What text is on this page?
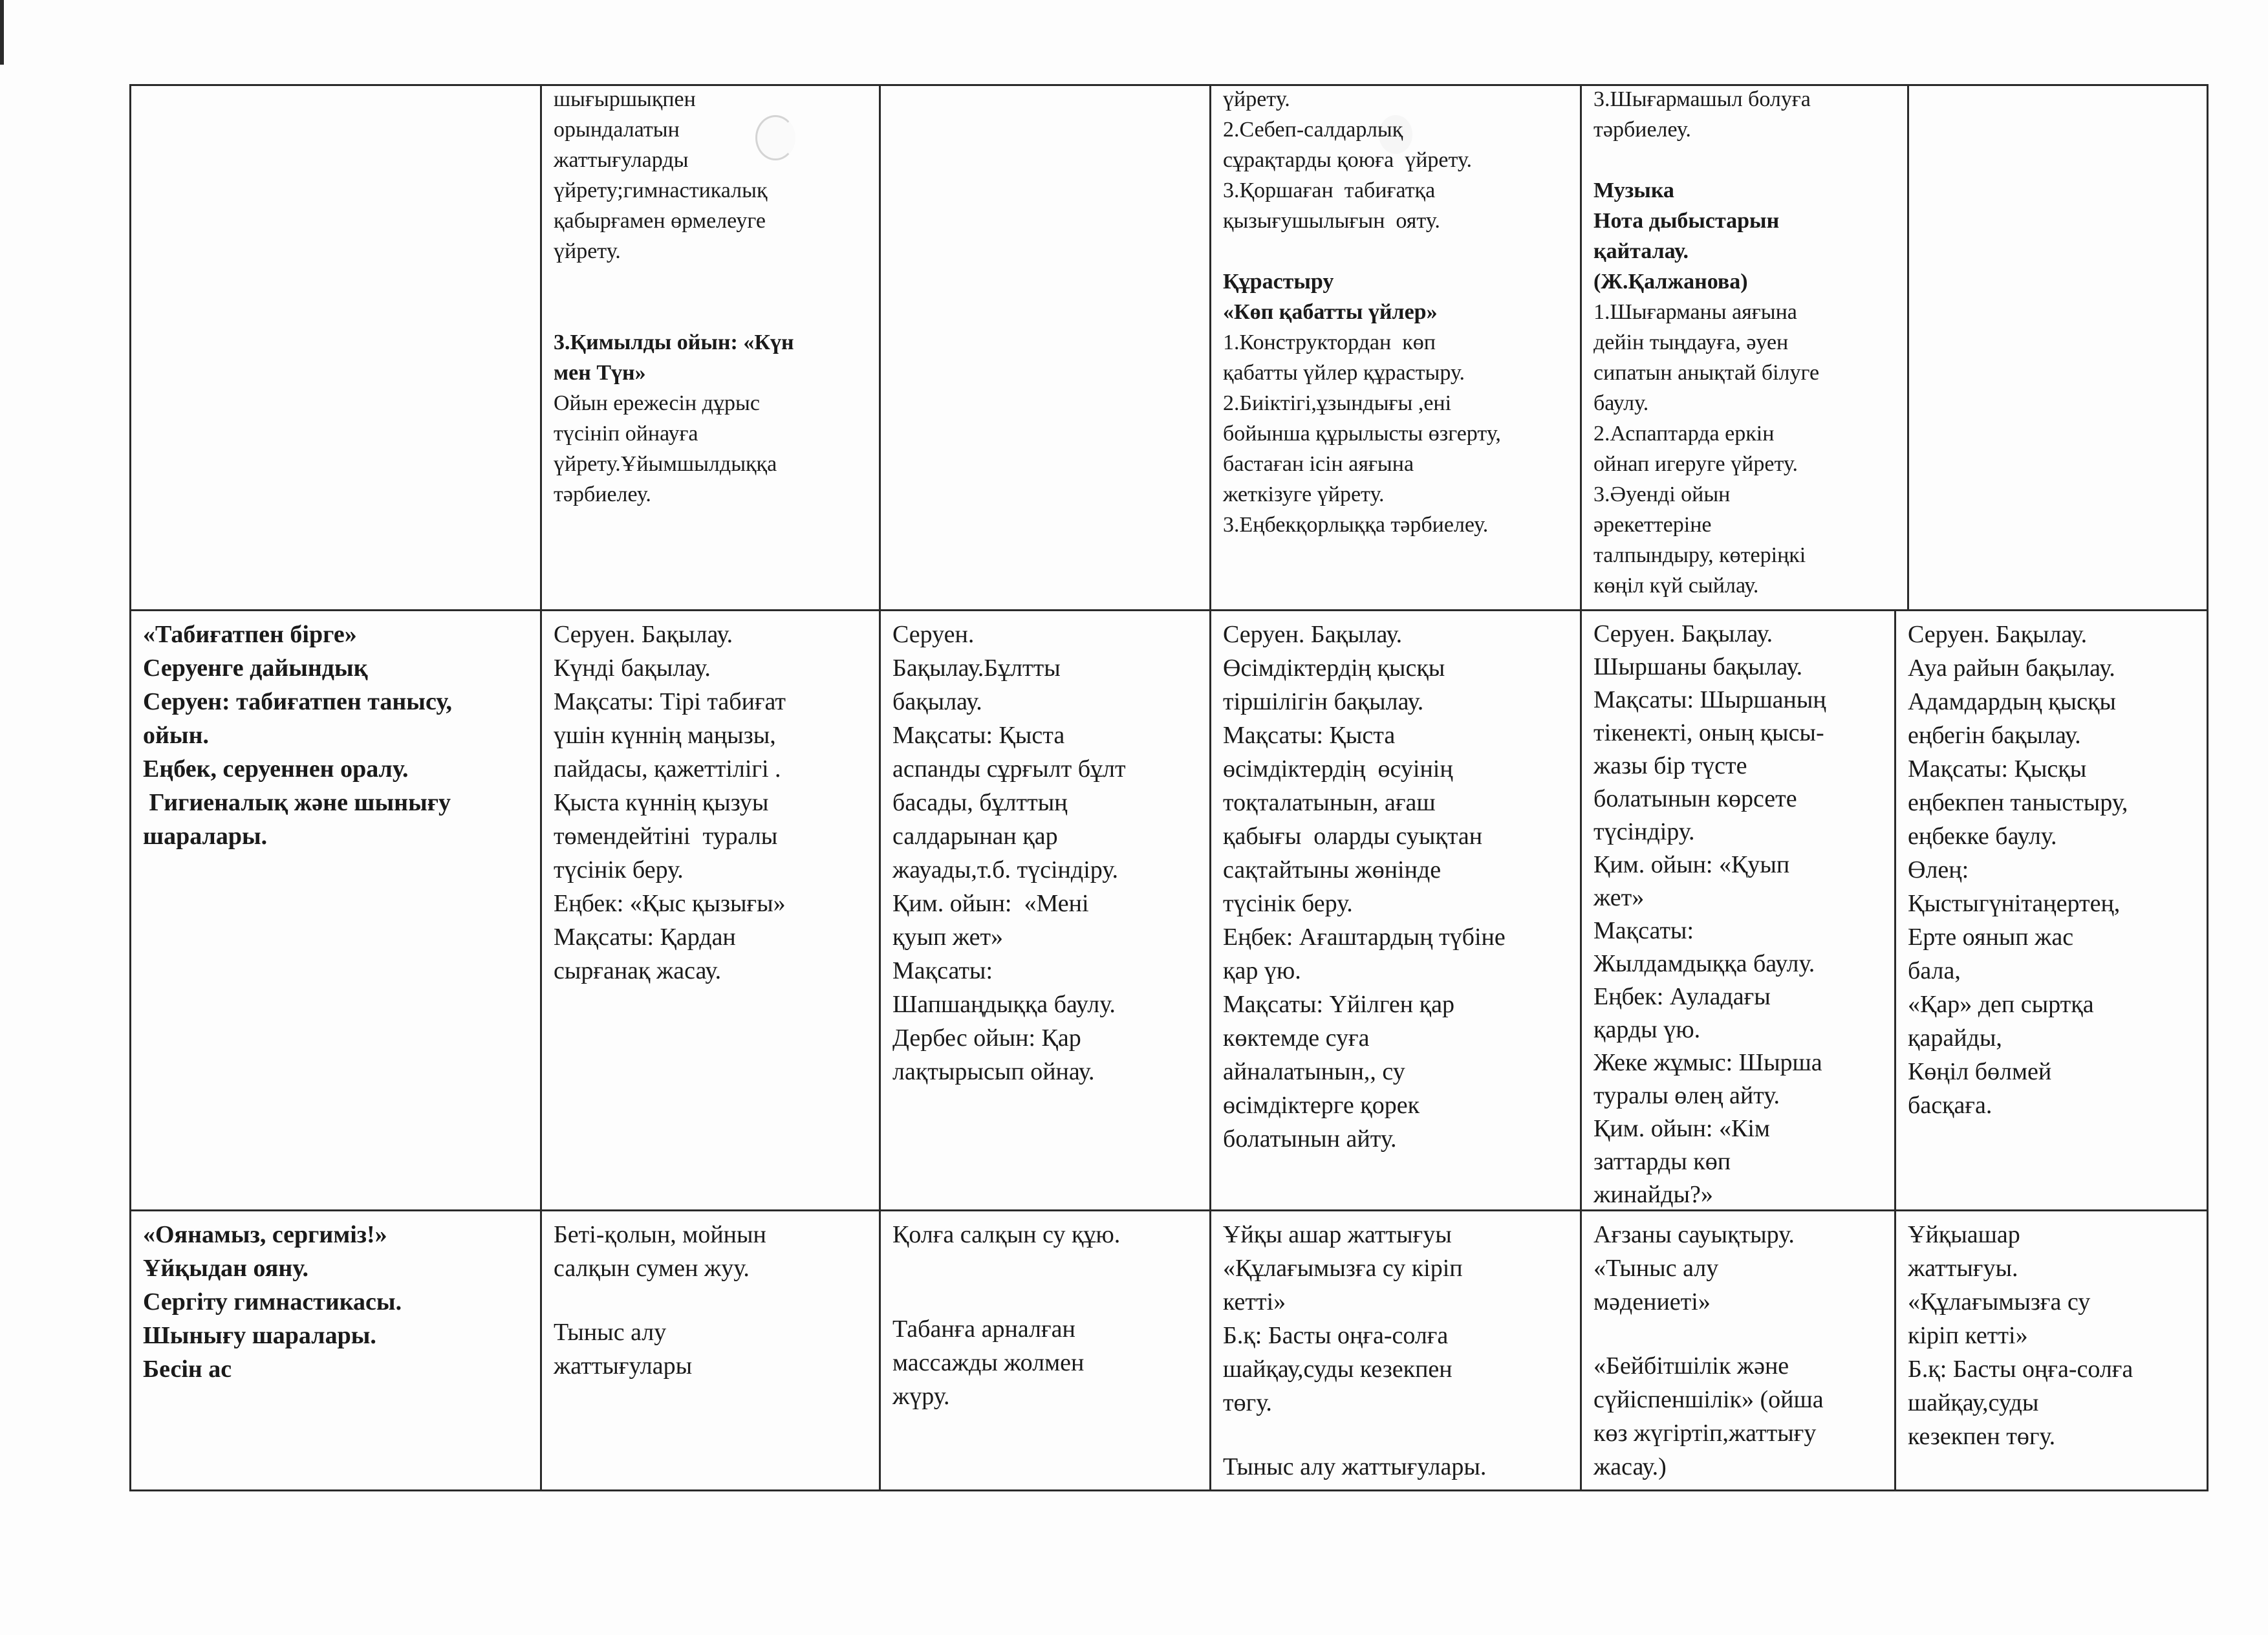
шығыршықпен
орындалатын
жаттығуларды
үйрету;гимнастикалық
қабырғамен өрмелеуге
үйрету.
3.Қимылды ойын: «Күн
мен Түн»
Ойын ережесін дұрыс
түсініп ойнауға
үйрету.Ұйымшылдыққа
тәрбиелеу.
үйрету.
2.Себеп-салдарлық
сұрақтарды қоюға  үйрету.
3.Қоршаған  табиғатқа
қызығушылығын  ояту.
Құрастыру
«Көп қабатты үйлер»
1.Конструктордан  көп
қабатты үйлер құрастыру.
2.Биіктігі,ұзындығы ,ені
бойынша құрылысты өзгерту,
бастаған ісін аяғына
жеткізуге үйрету.
3.Еңбекқорлыққа тәрбиелеу.
3.Шығармашыл болуға
тәрбиелеу.
Музыка
Нота дыбыстарын
қайталау.
(Ж.Қалжанова)
1.Шығарманы аяғына
дейін тыңдауға, әуен
сипатын анықтай білуге
баулу.
2.Аспаптарда еркін
ойнап игеруге үйрету.
3.Әуенді ойын
әрекеттеріне
талпындыру, көтеріңкі
көңіл күй сыйлау.
«Табиғатпен бірге»
Серуенге дайындық
Серуен: табиғатпен танысу,
ойын.
Еңбек, серуеннен оралу.
Гигиеналық және шынығу
шаралары.
Серуен. Бақылау.
Күнді бақылау.
Мақсаты: Тірі табиғат
үшін күннің маңызы,
пайдасы, қажеттілігі .
Қыста күннің қызуы
төмендейтіні  туралы
түсінік беру.
Еңбек: «Қыс қызығы»
Мақсаты: Қардан
сырғанақ жасау.
Серуен.
Бақылау.Бұлтты
бақылау.
Мақсаты: Қыста
аспанды сұрғылт бұлт
басады, бұлттың
салдарынан қар
жауады,т.б. түсіндіру.
Қим. ойын:  «Мені
қуып жет»
Мақсаты:
Шапшаңдыққа баулу.
Дербес ойын: Қар
лақтырысып ойнау.
Серуен. Бақылау.
Өсімдіктердің қысқы
тіршілігін бақылау.
Мақсаты: Қыста
өсімдіктердің  өсуінің
тоқталатынын, ағаш
қабығы  оларды суықтан
сақтайтыны жөнінде
түсінік беру.
Еңбек: Ағаштардың түбіне
қар үю.
Мақсаты: Үйілген қар
көктемде суға
айналатынын,, су
өсімдіктерге қорек
болатынын айту.
Серуен. Бақылау.
Шыршаны бақылау.
Мақсаты: Шыршаның
тікенекті, оның қысы-
жазы бір түсте
болатынын көрсете
түсіндіру.
Қим. ойын: «Қуып
жет»
Мақсаты:
Жылдамдыққа баулу.
Еңбек: Ауладағы
қарды үю.
Жеке жұмыс: Шырша
туралы өлең айту.
Қим. ойын: «Кім
заттарды көп
жинайды?»
Серуен. Бақылау.
Ауа райын бақылау.
Адамдардың қысқы
еңбегін бақылау.
Мақсаты: Қысқы
еңбекпен таныстыру,
еңбекке баулу.
Өлең:
Қыстыгүнітаңертең,
Ерте оянып жас
бала,
«Қар» деп сыртқа
қарайды,
Көңіл бөлмей
басқаға.
«Оянамыз, сергиміз!»
Ұйқыдан ояну.
Сергіту гимнастикасы.
Шынығу шаралары.
Бесін ас
Беті-қолын, мойнын
салқын сумен жуу.
Тыныс алу
жаттығулары
Қолға салқын су құю.
Табанға арналған
массажды жолмен
жүру.
Ұйқы ашар жаттығуы
«Құлағымызға су кіріп
кетті»
Б.қ: Басты оңға-солға
шайқау,суды кезекпен
төгу.
Тыныс алу жаттығулары.
Ағзаны сауықтыру.
«Тыныс алу
мәдениеті»
«Бейбітшілік және
сүйіспеншілік» (ойша
көз жүгіртіп,жаттығу
жасау.)
Ұйқыашар
жаттығуы.
«Құлағымызға су
кіріп кетті»
Б.қ: Басты оңға-солға
шайқау,суды
кезекпен төгу.
